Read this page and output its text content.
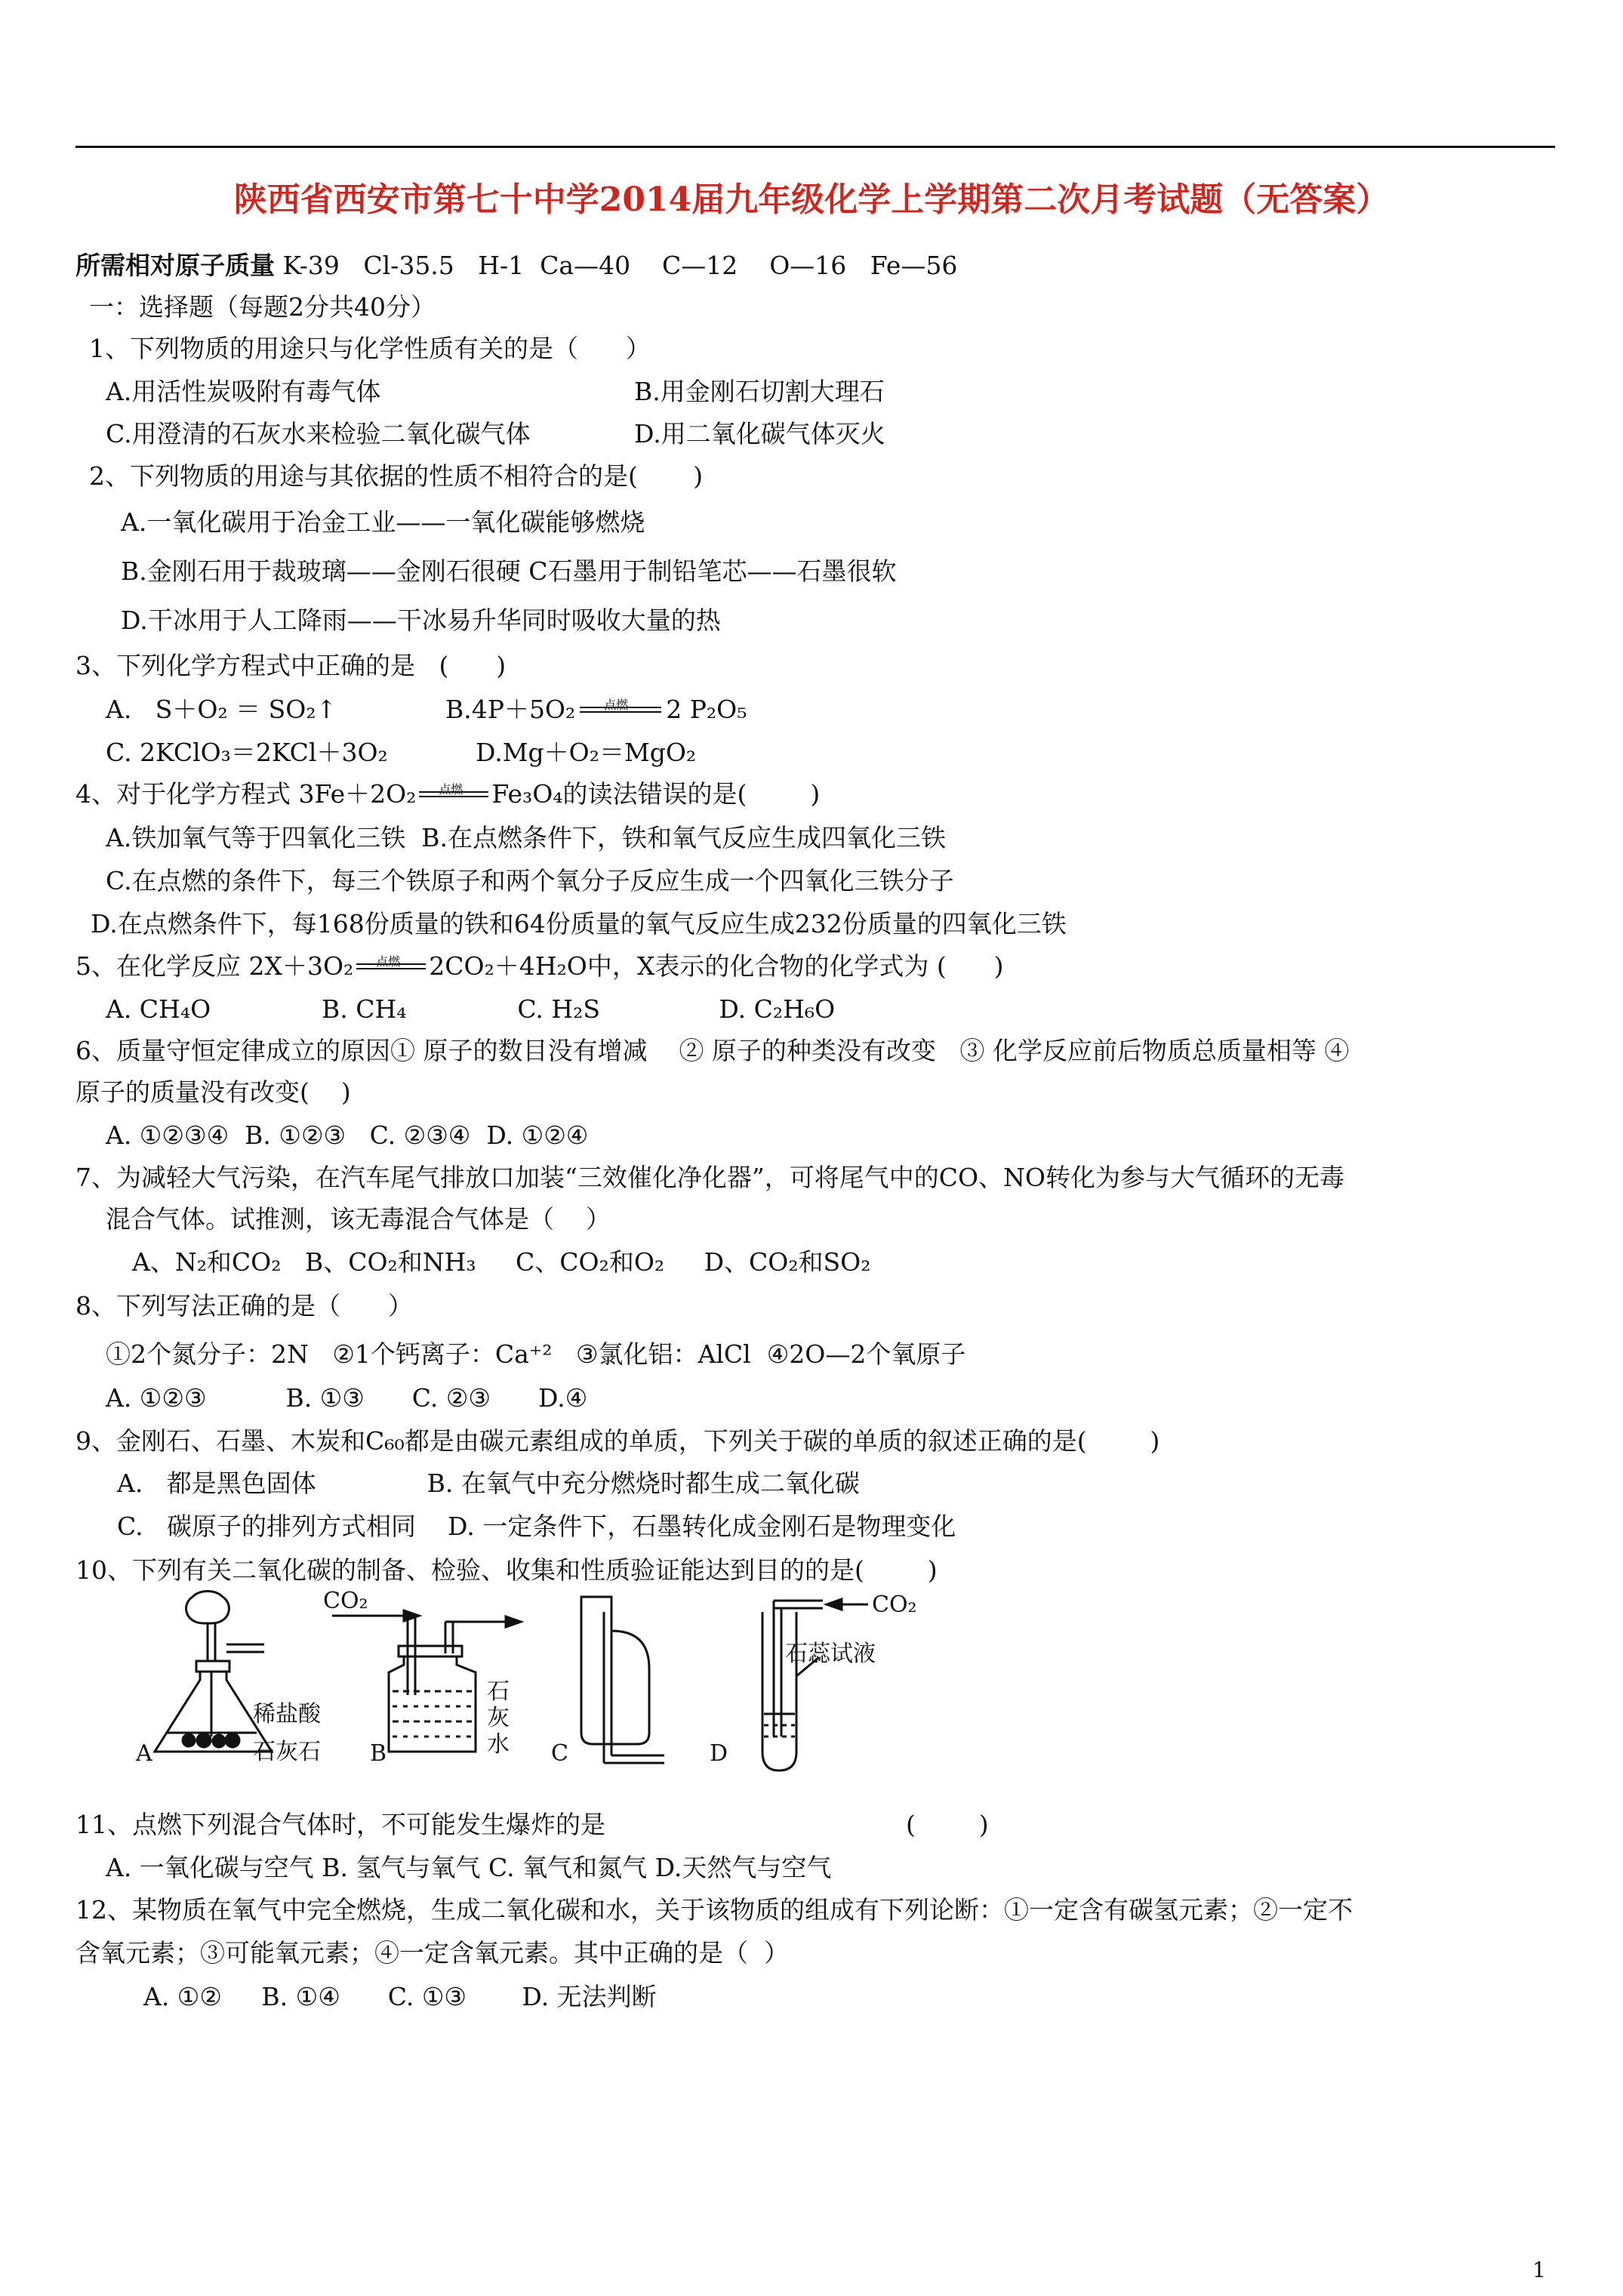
陕西省西安市第七十中学2014届九年级化学上学期第二次月考试题（无答案）
所需相对原子质量 K-39   Cl-35.5   H-1  Ca—40    C—12    O—16   Fe—56
一：选择题（每题2分共40分）
1、下列物质的用途只与化学性质有关的是（      ）
A.用活性炭吸附有毒气体	B.用金刚石切割大理石
C.用澄清的石灰水来检验二氧化碳气体	D.用二氧化碳气体灭火
2、下列物质的用途与其依据的性质不相符合的是(       )
A.一氧化碳用于冶金工业——一氧化碳能够燃烧
B.金刚石用于裁玻璃——金刚石很硬 C石墨用于制铅笔芯——石墨很软
D.干冰用于人工降雨——干冰易升华同时吸收大量的热
3、下列化学方程式中正确的是   (      )
A.   S＋O₂ ＝ SO₂↑	B.4P＋5O₂ 点燃 2 P₂O₅
C. 2KClO₃＝2KCl＋3O₂	D.Mg＋O₂＝MgO₂
4、对于化学方程式 3Fe＋2O₂ 点燃 Fe₃O₄的读法错误的是(        )
A.铁加氧气等于四氧化三铁  B.在点燃条件下，铁和氧气反应生成四氧化三铁
C.在点燃的条件下，每三个铁原子和两个氧分子反应生成一个四氧化三铁分子
D.在点燃条件下，每168份质量的铁和64份质量的氧气反应生成232份质量的四氧化三铁
5、在化学反应 2X＋3O₂ 点燃 2CO₂＋4H₂O中，X表示的化合物的化学式为 (      )
A. CH₄O              B. CH₄              C. H₂S               D. C₂H₆O
6、质量守恒定律成立的原因① 原子的数目没有增减    ② 原子的种类没有改变   ③ 化学反应前后物质总质量相等 ④
原子的质量没有改变(    )
A. ①②③④  B. ①②③   C. ②③④  D. ①②④
7、为减轻大气污染，在汽车尾气排放口加装“三效催化净化器”，可将尾气中的CO、NO转化为参与大气循环的无毒
混合气体。试推测，该无毒混合气体是（    ）
A、N₂和CO₂   B、CO₂和NH₃     C、CO₂和O₂     D、CO₂和SO₂
8、下列写法正确的是（      ）
①2个氮分子：2N   ②1个钙离子：Ca⁺²   ③氯化铝：AlCl  ④2O—2个氧原子
A. ①②③          B. ①③      C. ②③      D.④
9、金刚石、石墨、木炭和C₆₀都是由碳元素组成的单质，下列关于碳的单质的叙述正确的是(        )
A.   都是黑色固体              B. 在氧气中充分燃烧时都生成二氧化碳
C.   碳原子的排列方式相同    D. 一定条件下，石墨转化成金刚石是物理变化
10、下列有关二氧化碳的制备、检验、收集和性质验证能达到目的的是(        )
A
稀盐酸
石灰石
CO₂
B
石
灰
水 C	D
CO₂
石蕊试液
11、点燃下列混合气体时，不可能发生爆炸的是	(        )
A. 一氧化碳与空气 B. 氢气与氧气 C. 氧气和氮气 D.天然气与空气
12、某物质在氧气中完全燃烧，生成二氧化碳和水，关于该物质的组成有下列论断：①一定含有碳氢元素；②一定不
含氧元素；③可能氧元素；④一定含氧元素。其中正确的是（  ）
A. ①②     B. ①④      C. ①③       D. 无法判断
1
